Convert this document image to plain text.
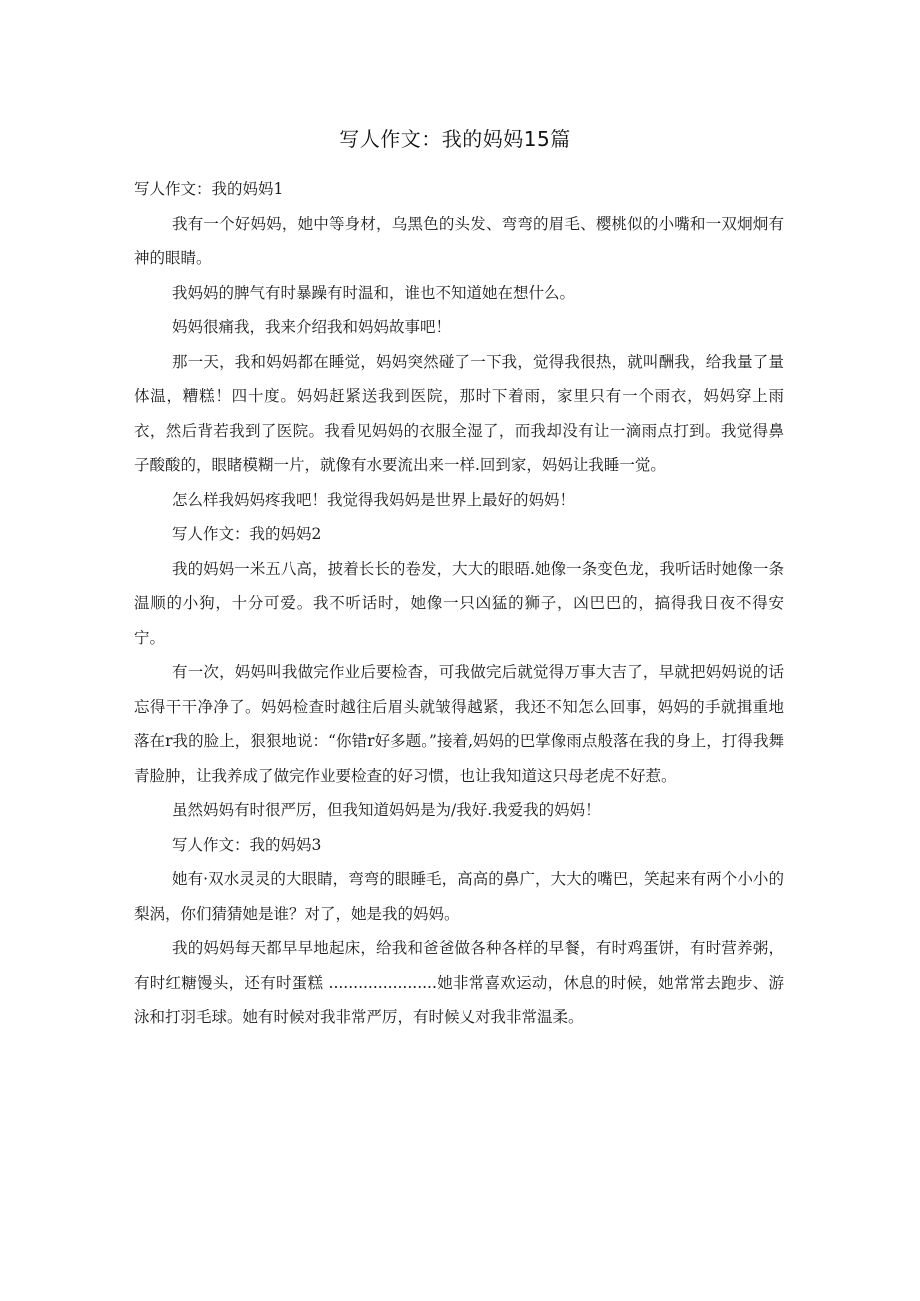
写人作文：我的妈妈15篇

写人作文：我的妈妈1

我有一个好妈妈，她中等身材，乌黑色的头发、弯弯的眉毛、樱桃似的小嘴和一双炯炯有神的眼睛。

我妈妈的脾气有时暴躁有时温和，谁也不知道她在想什么。

妈妈很痛我，我来介绍我和妈妈故事吧！

那一天，我和妈妈都在睡觉，妈妈突然碰了一下我，觉得我很热，就叫酬我，给我量了量体温，糟糕！四十度。妈妈赶紧送我到医院，那时下着雨，家里只有一个雨衣，妈妈穿上雨衣，然后背若我到了医院。我看见妈妈的衣服全湿了，而我却没有让一滴雨点打到。我觉得鼻子酸酸的，眼睹模糊一片，就像有水要流出来一样.回到家，妈妈让我睡一觉。

怎么样我妈妈疼我吧！我觉得我妈妈是世界上最好的妈妈！

写人作文：我的妈妈2

我的妈妈一米五八高，披着长长的卷发，大大的眼晤.她像一条变色龙，我听话时她像一条温顺的小狗，十分可爱。我不听话时，她像一只凶猛的狮子，凶巴巴的，搞得我日夜不得安宁。

有一次，妈妈叫我做完作业后要检杳，可我做完后就觉得万事大吉了，早就把妈妈说的话忘得干干净净了。妈妈检查时越往后眉头就皱得越紧，我还不知怎么回事，妈妈的手就揖重地落在r我的脸上，狠狠地说：“你错r好多题。”接着,妈妈的巴掌像雨点般落在我的身上，打得我舞青脸肿，让我养成了做完作业要检查的好习惯，也让我知道这只母老虎不好惹。

虽然妈妈有时很严厉，但我知道妈妈是为/我好.我爱我的妈妈！

写人作文：我的妈妈3

她有·双水灵灵的大眼睛，弯弯的眼睡毛，高高的鼻广，大大的嘴巴，笑起来有两个小小的梨涡，你们猜猜她是谁？对了，她是我的妈妈。

我的妈妈每天都早早地起床，给我和爸爸做各种各样的早餐，有时鸡蛋饼，有时营养粥，有时红糖馒头，还有时蛋糕 ......................她非常喜欢运动，休息的时候，她常常去跑步、游泳和打羽毛球。她有时候对我非常严厉，有时候乂对我非常温柔。
